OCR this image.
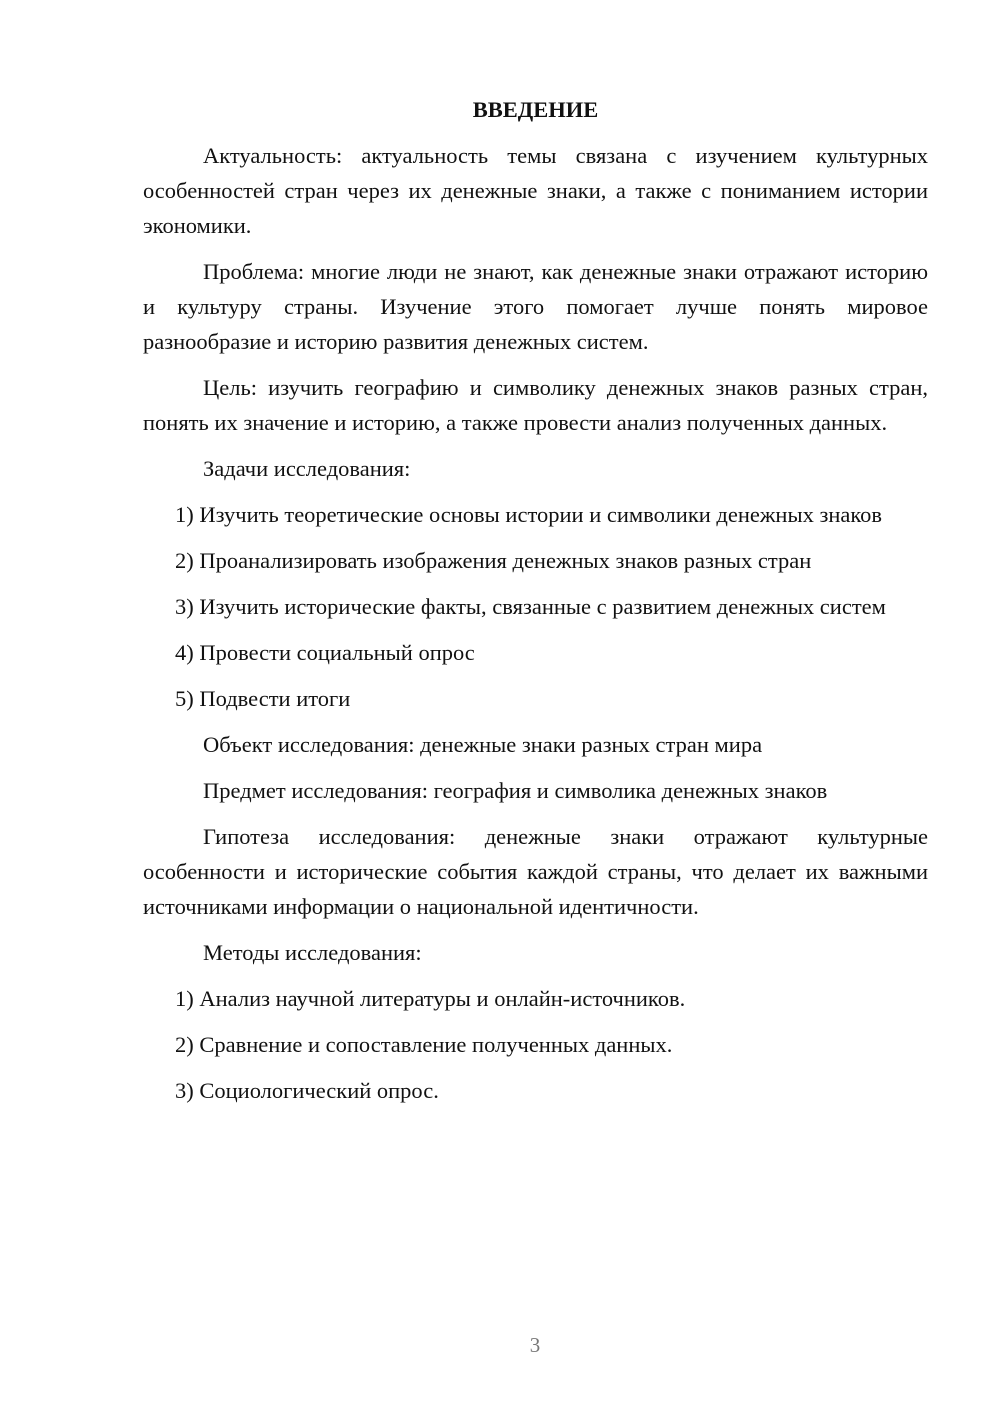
ВВЕДЕНИЕ

Актуальность: актуальность темы связана с изучением культурных особенностей стран через их денежные знаки, а также с пониманием истории экономики.

Проблема: многие люди не знают, как денежные знаки отражают историю и культуру страны. Изучение этого помогает лучше понять мировое разнообразие и историю развития денежных систем.

Цель: изучить географию и символику денежных знаков разных стран, понять их значение и историю, а также провести анализ полученных данных.

Задачи исследования:

1) Изучить теоретические основы истории и символики денежных знаков

2) Проанализировать изображения денежных знаков разных стран

3) Изучить исторические факты, связанные с развитием денежных систем

4) Провести социальный опрос

5) Подвести итоги

Объект исследования: денежные знаки разных стран мира

Предмет исследования: география и символика денежных знаков

Гипотеза исследования: денежные знаки отражают культурные особенности и исторические события каждой страны, что делает их важными источниками информации о национальной идентичности.

Методы исследования:

1) Анализ научной литературы и онлайн-источников.

2) Сравнение и сопоставление полученных данных.

3) Социологический опрос.

3
